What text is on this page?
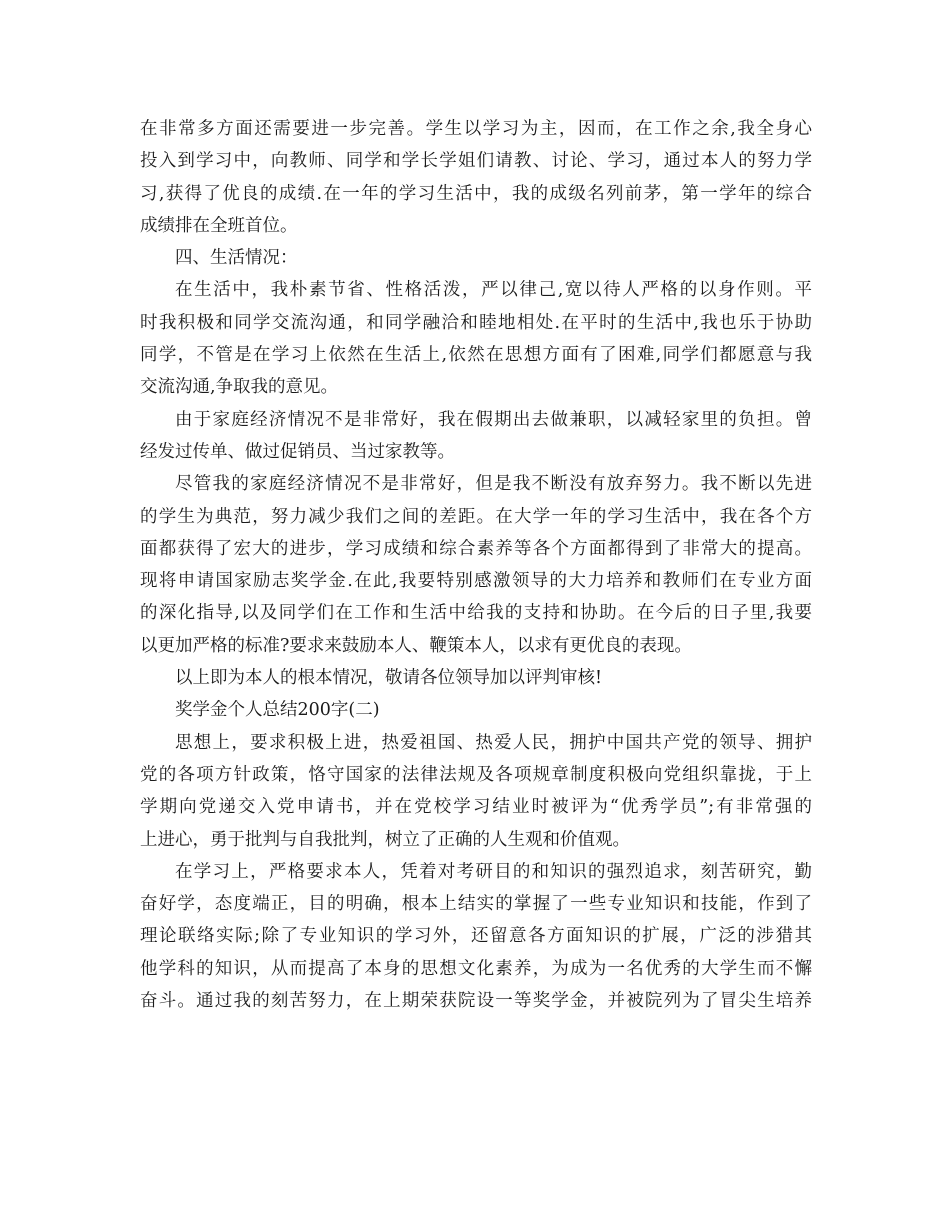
在非常多方面还需要进一步完善。学生以学习为主，因而，在工作之余,我全身心
投入到学习中，向教师、同学和学长学姐们请教、讨论、学习，通过本人的努力学
习,获得了优良的成绩.在一年的学习生活中，我的成级名列前茅，第一学年的综合
成绩排在全班首位。
四、生活情况：
在生活中，我朴素节省、性格活泼，严以律己,宽以待人严格的以身作则。平
时我积极和同学交流沟通，和同学融洽和睦地相处.在平时的生活中,我也乐于协助
同学，不管是在学习上依然在生活上,依然在思想方面有了困难,同学们都愿意与我
交流沟通,争取我的意见。
由于家庭经济情况不是非常好，我在假期出去做兼职，以减轻家里的负担。曾
经发过传单、做过促销员、当过家教等。
尽管我的家庭经济情况不是非常好，但是我不断没有放弃努力。我不断以先进
的学生为典范，努力减少我们之间的差距。在大学一年的学习生活中，我在各个方
面都获得了宏大的进步，学习成绩和综合素养等各个方面都得到了非常大的提高。
现将申请国家励志奖学金.在此,我要特别感激领导的大力培养和教师们在专业方面
的深化指导,以及同学们在工作和生活中给我的支持和协助。在今后的日子里,我要
以更加严格的标准?要求来鼓励本人、鞭策本人，以求有更优良的表现。
以上即为本人的根本情况，敬请各位领导加以评判审核!
奖学金个人总结200字(二)
思想上，要求积极上进，热爱祖国、热爱人民，拥护中国共产党的领导、拥护
党的各项方针政策，恪守国家的法律法规及各项规章制度积极向党组织靠拢，于上
学期向党递交入党申请书，并在党校学习结业时被评为“优秀学员”;有非常强的
上进心，勇于批判与自我批判，树立了正确的人生观和价值观。
在学习上，严格要求本人，凭着对考研目的和知识的强烈追求，刻苦研究，勤
奋好学，态度端正，目的明确，根本上结实的掌握了一些专业知识和技能，作到了
理论联络实际;除了专业知识的学习外，还留意各方面知识的扩展，广泛的涉猎其
他学科的知识，从而提高了本身的思想文化素养，为成为一名优秀的大学生而不懈
奋斗。通过我的刻苦努力，在上期荣获院设一等奖学金，并被院列为了冒尖生培养
